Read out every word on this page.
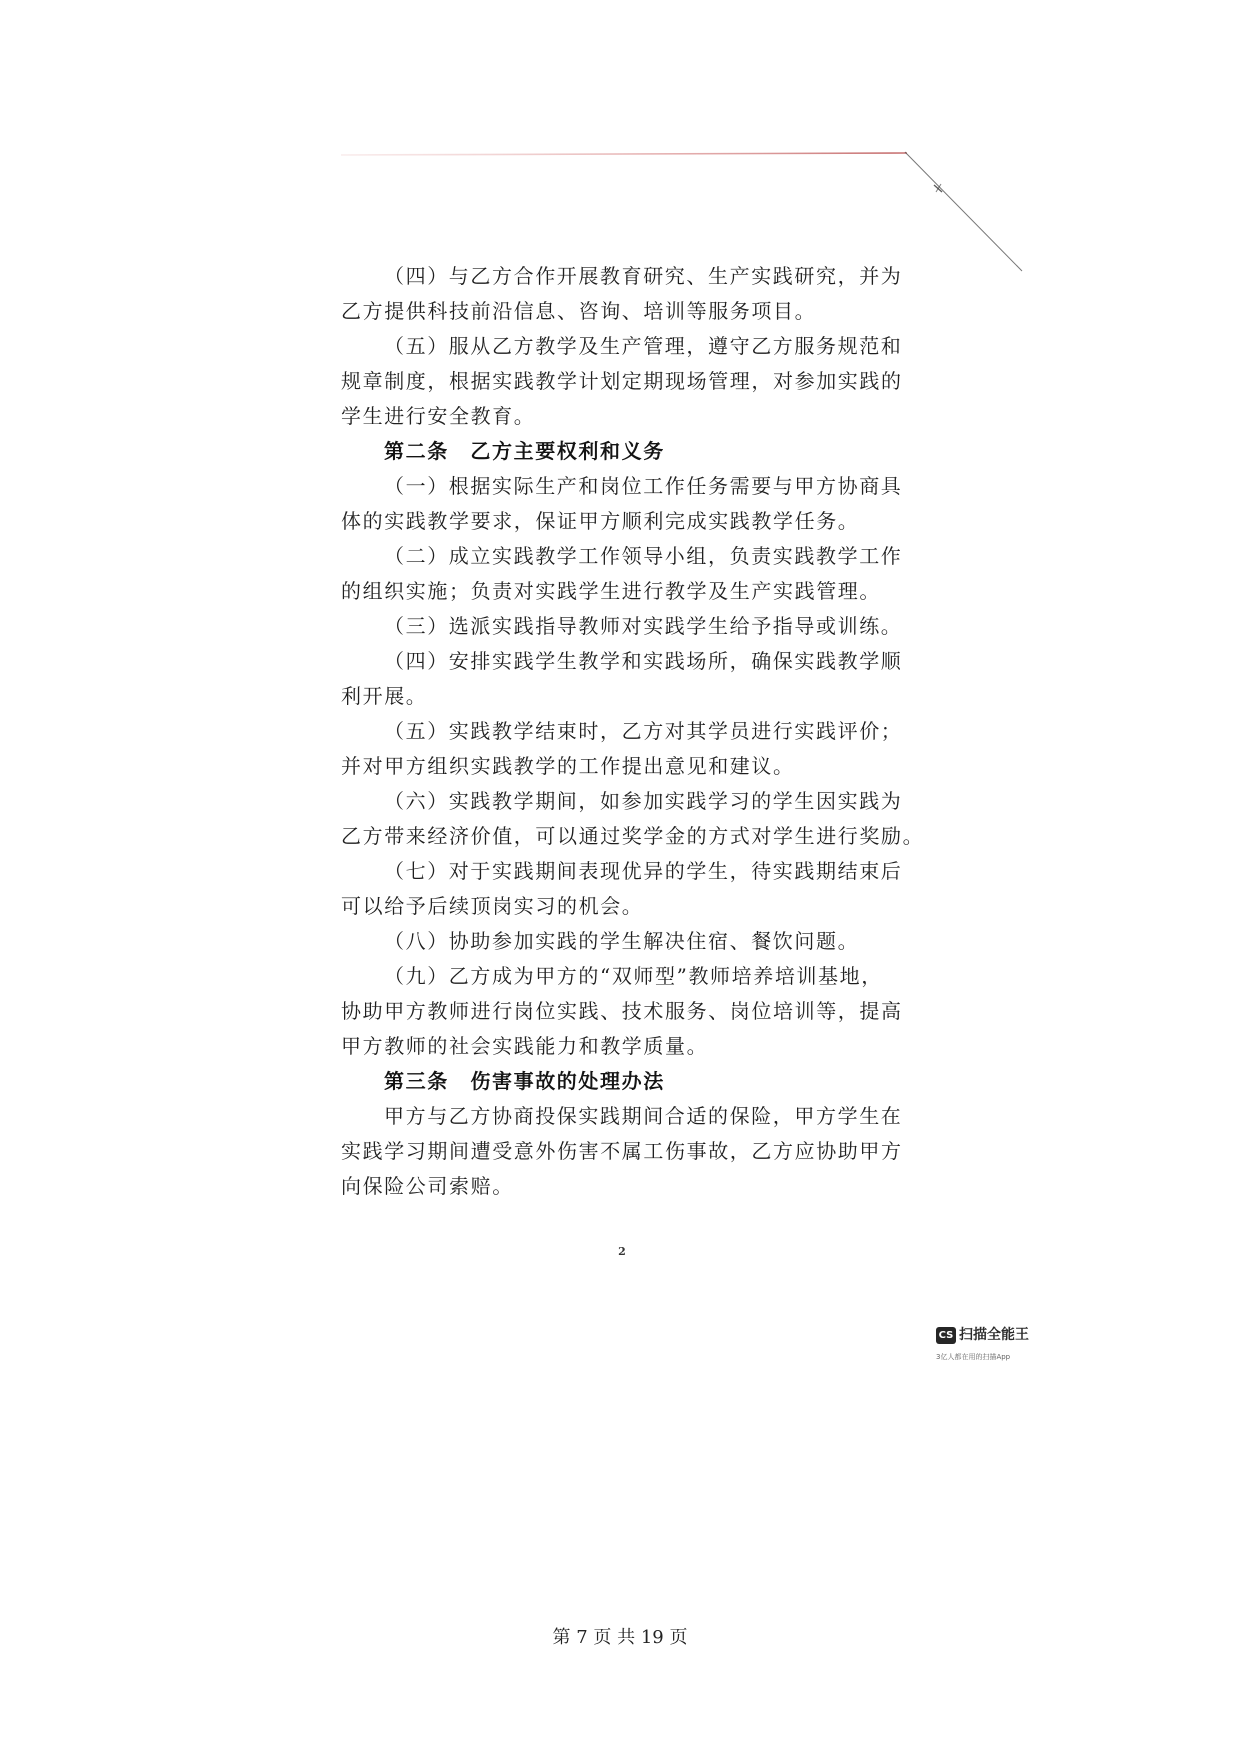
（四）与乙方合作开展教育研究、生产实践研究，并为
乙方提供科技前沿信息、咨询、培训等服务项目。
（五）服从乙方教学及生产管理，遵守乙方服务规范和
规章制度，根据实践教学计划定期现场管理，对参加实践的
学生进行安全教育。
第二条　乙方主要权利和义务
（一）根据实际生产和岗位工作任务需要与甲方协商具
体的实践教学要求，保证甲方顺利完成实践教学任务。
（二）成立实践教学工作领导小组，负责实践教学工作
的组织实施；负责对实践学生进行教学及生产实践管理。
（三）选派实践指导教师对实践学生给予指导或训练。
（四）安排实践学生教学和实践场所，确保实践教学顺
利开展。
（五）实践教学结束时，乙方对其学员进行实践评价；
并对甲方组织实践教学的工作提出意见和建议。
（六）实践教学期间，如参加实践学习的学生因实践为
乙方带来经济价值，可以通过奖学金的方式对学生进行奖励。
（七）对于实践期间表现优异的学生，待实践期结束后
可以给予后续顶岗实习的机会。
（八）协助参加实践的学生解决住宿、餐饮问题。
（九）乙方成为甲方的“双师型”教师培养培训基地，
协助甲方教师进行岗位实践、技术服务、岗位培训等，提高
甲方教师的社会实践能力和教学质量。
第三条　伤害事故的处理办法
甲方与乙方协商投保实践期间合适的保险，甲方学生在
实践学习期间遭受意外伤害不属工伤事故，乙方应协助甲方
向保险公司索赔。
2
CS 扫描全能王
3亿人都在用的扫描App
第 7 页 共 19 页
